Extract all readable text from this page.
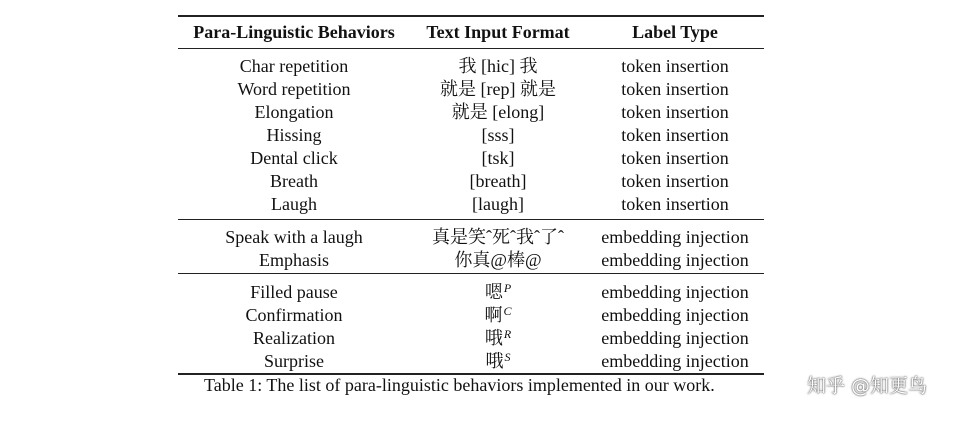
Para-Linguistic Behaviors	Text Input Format	Label Type
Char repetition	我 [hic] 我	token insertion
Word repetition	就是 [rep] 就是	token insertion
Elongation	就是 [elong]	token insertion
Hissing	[sss]	token insertion
Dental click	[tsk]	token insertion
Breath	[breath]	token insertion
Laugh	[laugh]	token insertion
Speak with a laugh	真是笑ˆ死ˆ我ˆ了ˆ	embedding injection
Emphasis	你真@棒@	embedding injection
Filled pause	嗯$^P$	embedding injection
Confirmation	啊$^C$	embedding injection
Realization	哦$^R$	embedding injection
Surprise	哦$^S$	embedding injection
Table 1: The list of para-linguistic behaviors implemented in our work.	知乎 @知更鸟
